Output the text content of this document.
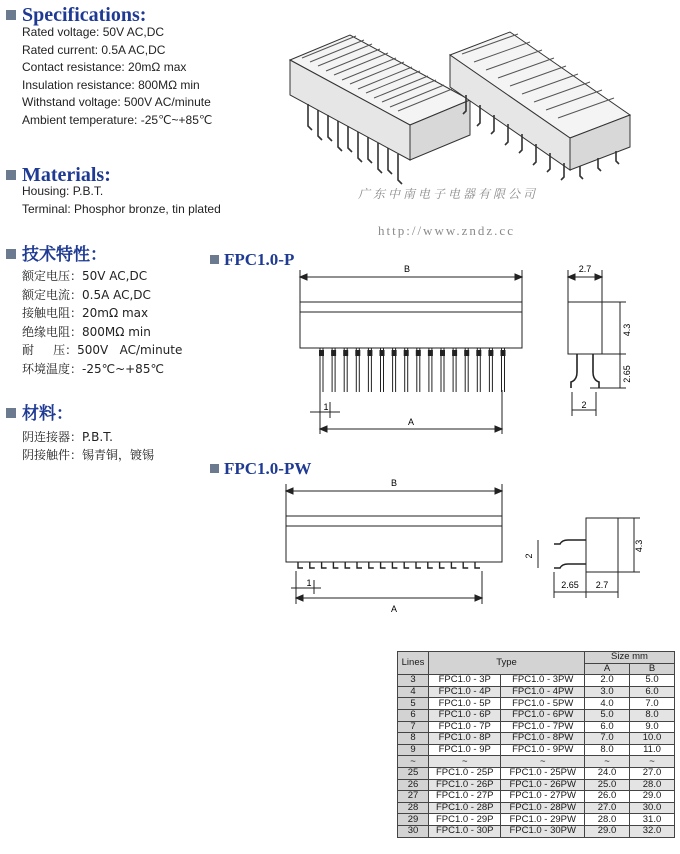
Specifications:
Rated voltage: 50V AC,DC
Rated current: 0.5A AC,DC
Contact resistance: 20mΩ max
Insulation resistance: 800MΩ min
Withstand voltage: 500V AC/minute
Ambient temperature: -25℃~+85℃
Materials:
Housing: P.B.T.
Terminal: Phosphor bronze, tin plated
技术特性：
额定电压：50V AC,DC
额定电流：0.5A AC,DC
接触电阻：20mΩ max
绝缘电阻：800MΩ min
耐     压：500V   AC/minute
环境温度：-25℃~+85℃
材料：
阴连接器：P.B.T.
阴接触件：锡青铜，镀锡
广东中南电子电器有限公司
http://www.zndz.cc
FPC1.0-P	B
A
1
2.7
4.3
2.65
2
FPC1.0-PW
B
A
1
4.3
2
2.65 2.7
Lines	Type		Size mm	
			A	B
3	FPC1.0 - 3P	FPC1.0 - 3PW	2.0	5.0
4	FPC1.0 - 4P	FPC1.0 - 4PW	3.0	6.0
5	FPC1.0 - 5P	FPC1.0 - 5PW	4.0	7.0
6	FPC1.0 - 6P	FPC1.0 - 6PW	5.0	8.0
7	FPC1.0 - 7P	FPC1.0 - 7PW	6.0	9.0
8	FPC1.0 - 8P	FPC1.0 - 8PW	7.0	10.0
9	FPC1.0 - 9P	FPC1.0 - 9PW	8.0	11.0
~	~	~	~	~
25	FPC1.0 - 25P	FPC1.0 - 25PW	24.0	27.0
26	FPC1.0 - 26P	FPC1.0 - 26PW	25.0	28.0
27	FPC1.0 - 27P	FPC1.0 - 27PW	26.0	29.0
28	FPC1.0 - 28P	FPC1.0 - 28PW	27.0	30.0
29	FPC1.0 - 29P	FPC1.0 - 29PW	28.0	31.0
30	FPC1.0 - 30P	FPC1.0 - 30PW	29.0	32.0
